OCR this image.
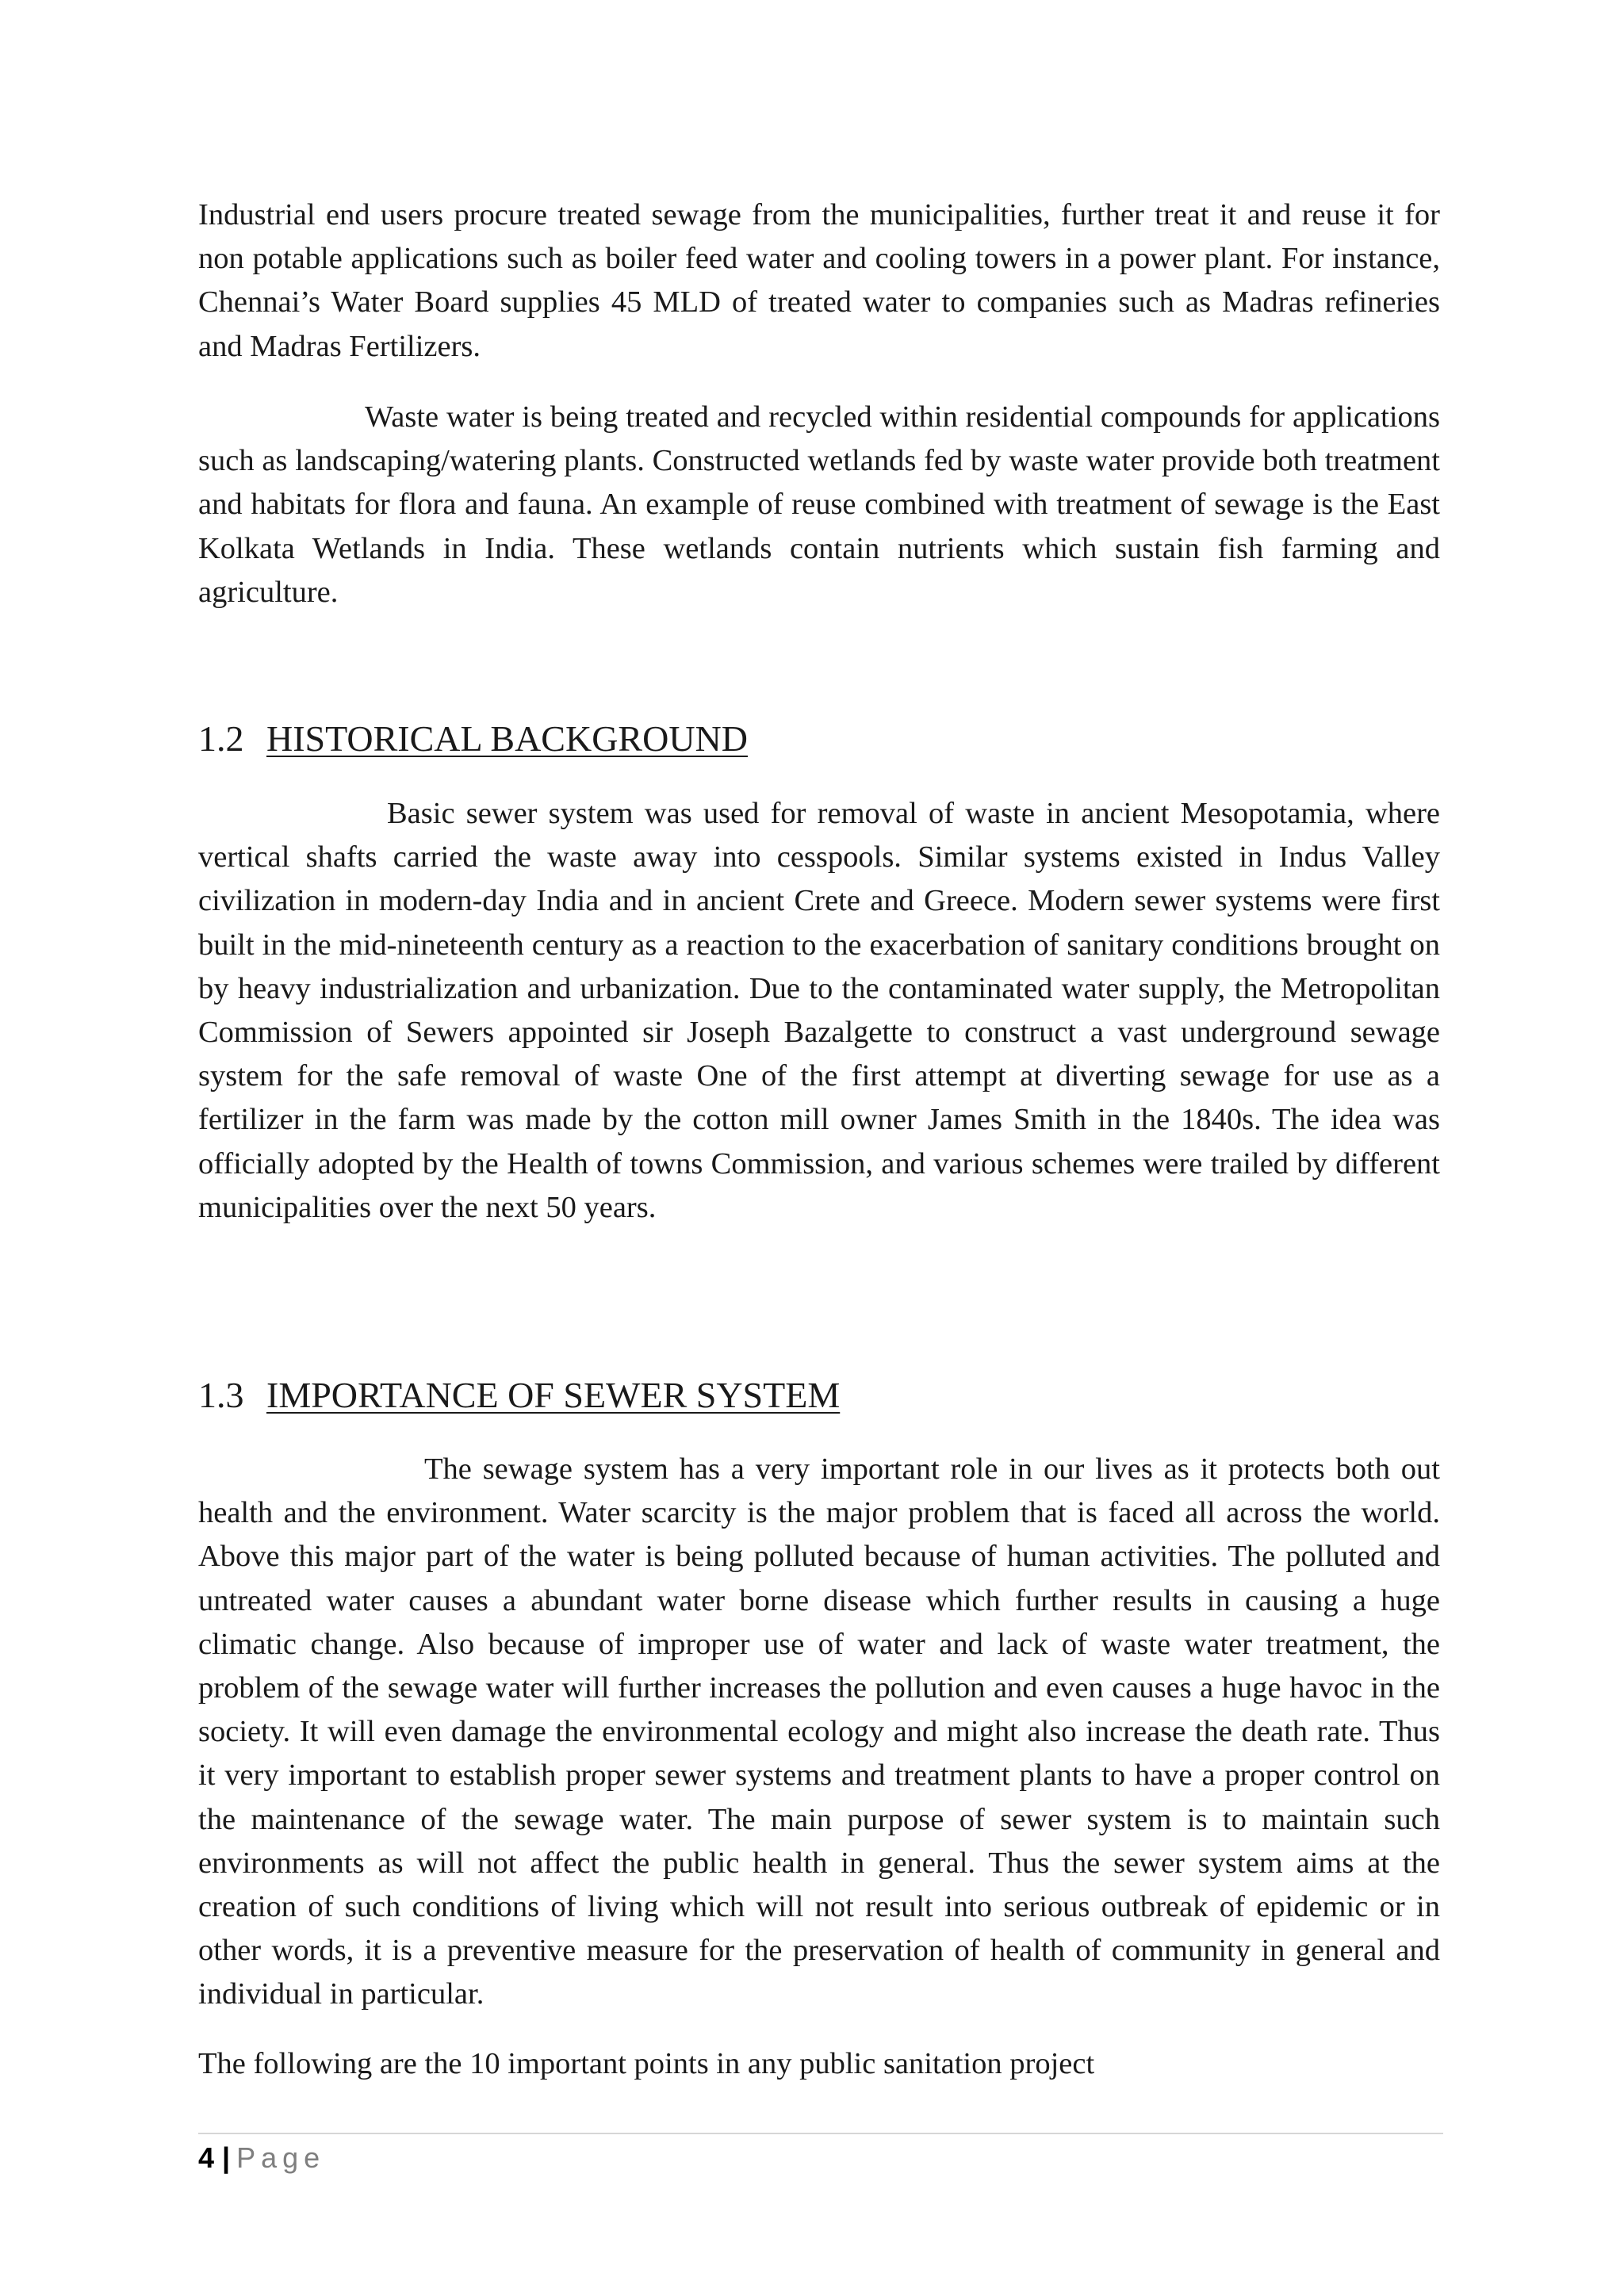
Industrial end users procure treated sewage from the municipalities, further treat it and reuse it for non potable applications such as boiler feed water and cooling towers in a power plant. For instance, Chennai’s Water Board supplies 45 MLD of treated water to companies such as Madras refineries and Madras Fertilizers.

Waste water is being treated and recycled within residential compounds for applications such as landscaping/watering plants. Constructed wetlands fed by waste water provide both treatment and habitats for flora and fauna. An example of reuse combined with treatment of sewage is the East Kolkata Wetlands in India. These wetlands contain nutrients which sustain fish farming and agriculture.

1.2 HISTORICAL BACKGROUND

Basic sewer system was used for removal of waste in ancient Mesopotamia, where vertical shafts carried the waste away into cesspools. Similar systems existed in Indus Valley civilization in modern-day India and in ancient Crete and Greece. Modern sewer systems were first built in the mid-nineteenth century as a reaction to the exacerbation of sanitary conditions brought on by heavy industrialization and urbanization. Due to the contaminated water supply, the Metropolitan Commission of Sewers appointed sir Joseph Bazalgette to construct a vast underground sewage system for the safe removal of waste One of the first attempt at diverting sewage for use as a fertilizer in the farm was made by the cotton mill owner James Smith in the 1840s. The idea was officially adopted by the Health of towns Commission, and various schemes were trailed by different municipalities over the next 50 years.

1.3 IMPORTANCE OF SEWER SYSTEM

The sewage system has a very important role in our lives as it protects both out health and the environment. Water scarcity is the major problem that is faced all across the world. Above this major part of the water is being polluted because of human activities. The polluted and untreated water causes a abundant water borne disease which further results in causing a huge climatic change. Also because of improper use of water and lack of waste water treatment, the problem of the sewage water will further increases the pollution and even causes a huge havoc in the society. It will even damage the environmental ecology and might also increase the death rate. Thus it very important to establish proper sewer systems and treatment plants to have a proper control on the maintenance of the sewage water. The main purpose of sewer system is to maintain such environments as will not affect the public health in general. Thus the sewer system aims at the creation of such conditions of living which will not result into serious outbreak of epidemic or in other words, it is a preventive measure for the preservation of health of community in general and individual in particular.

The following are the 10 important points in any public sanitation project

4 | Page
